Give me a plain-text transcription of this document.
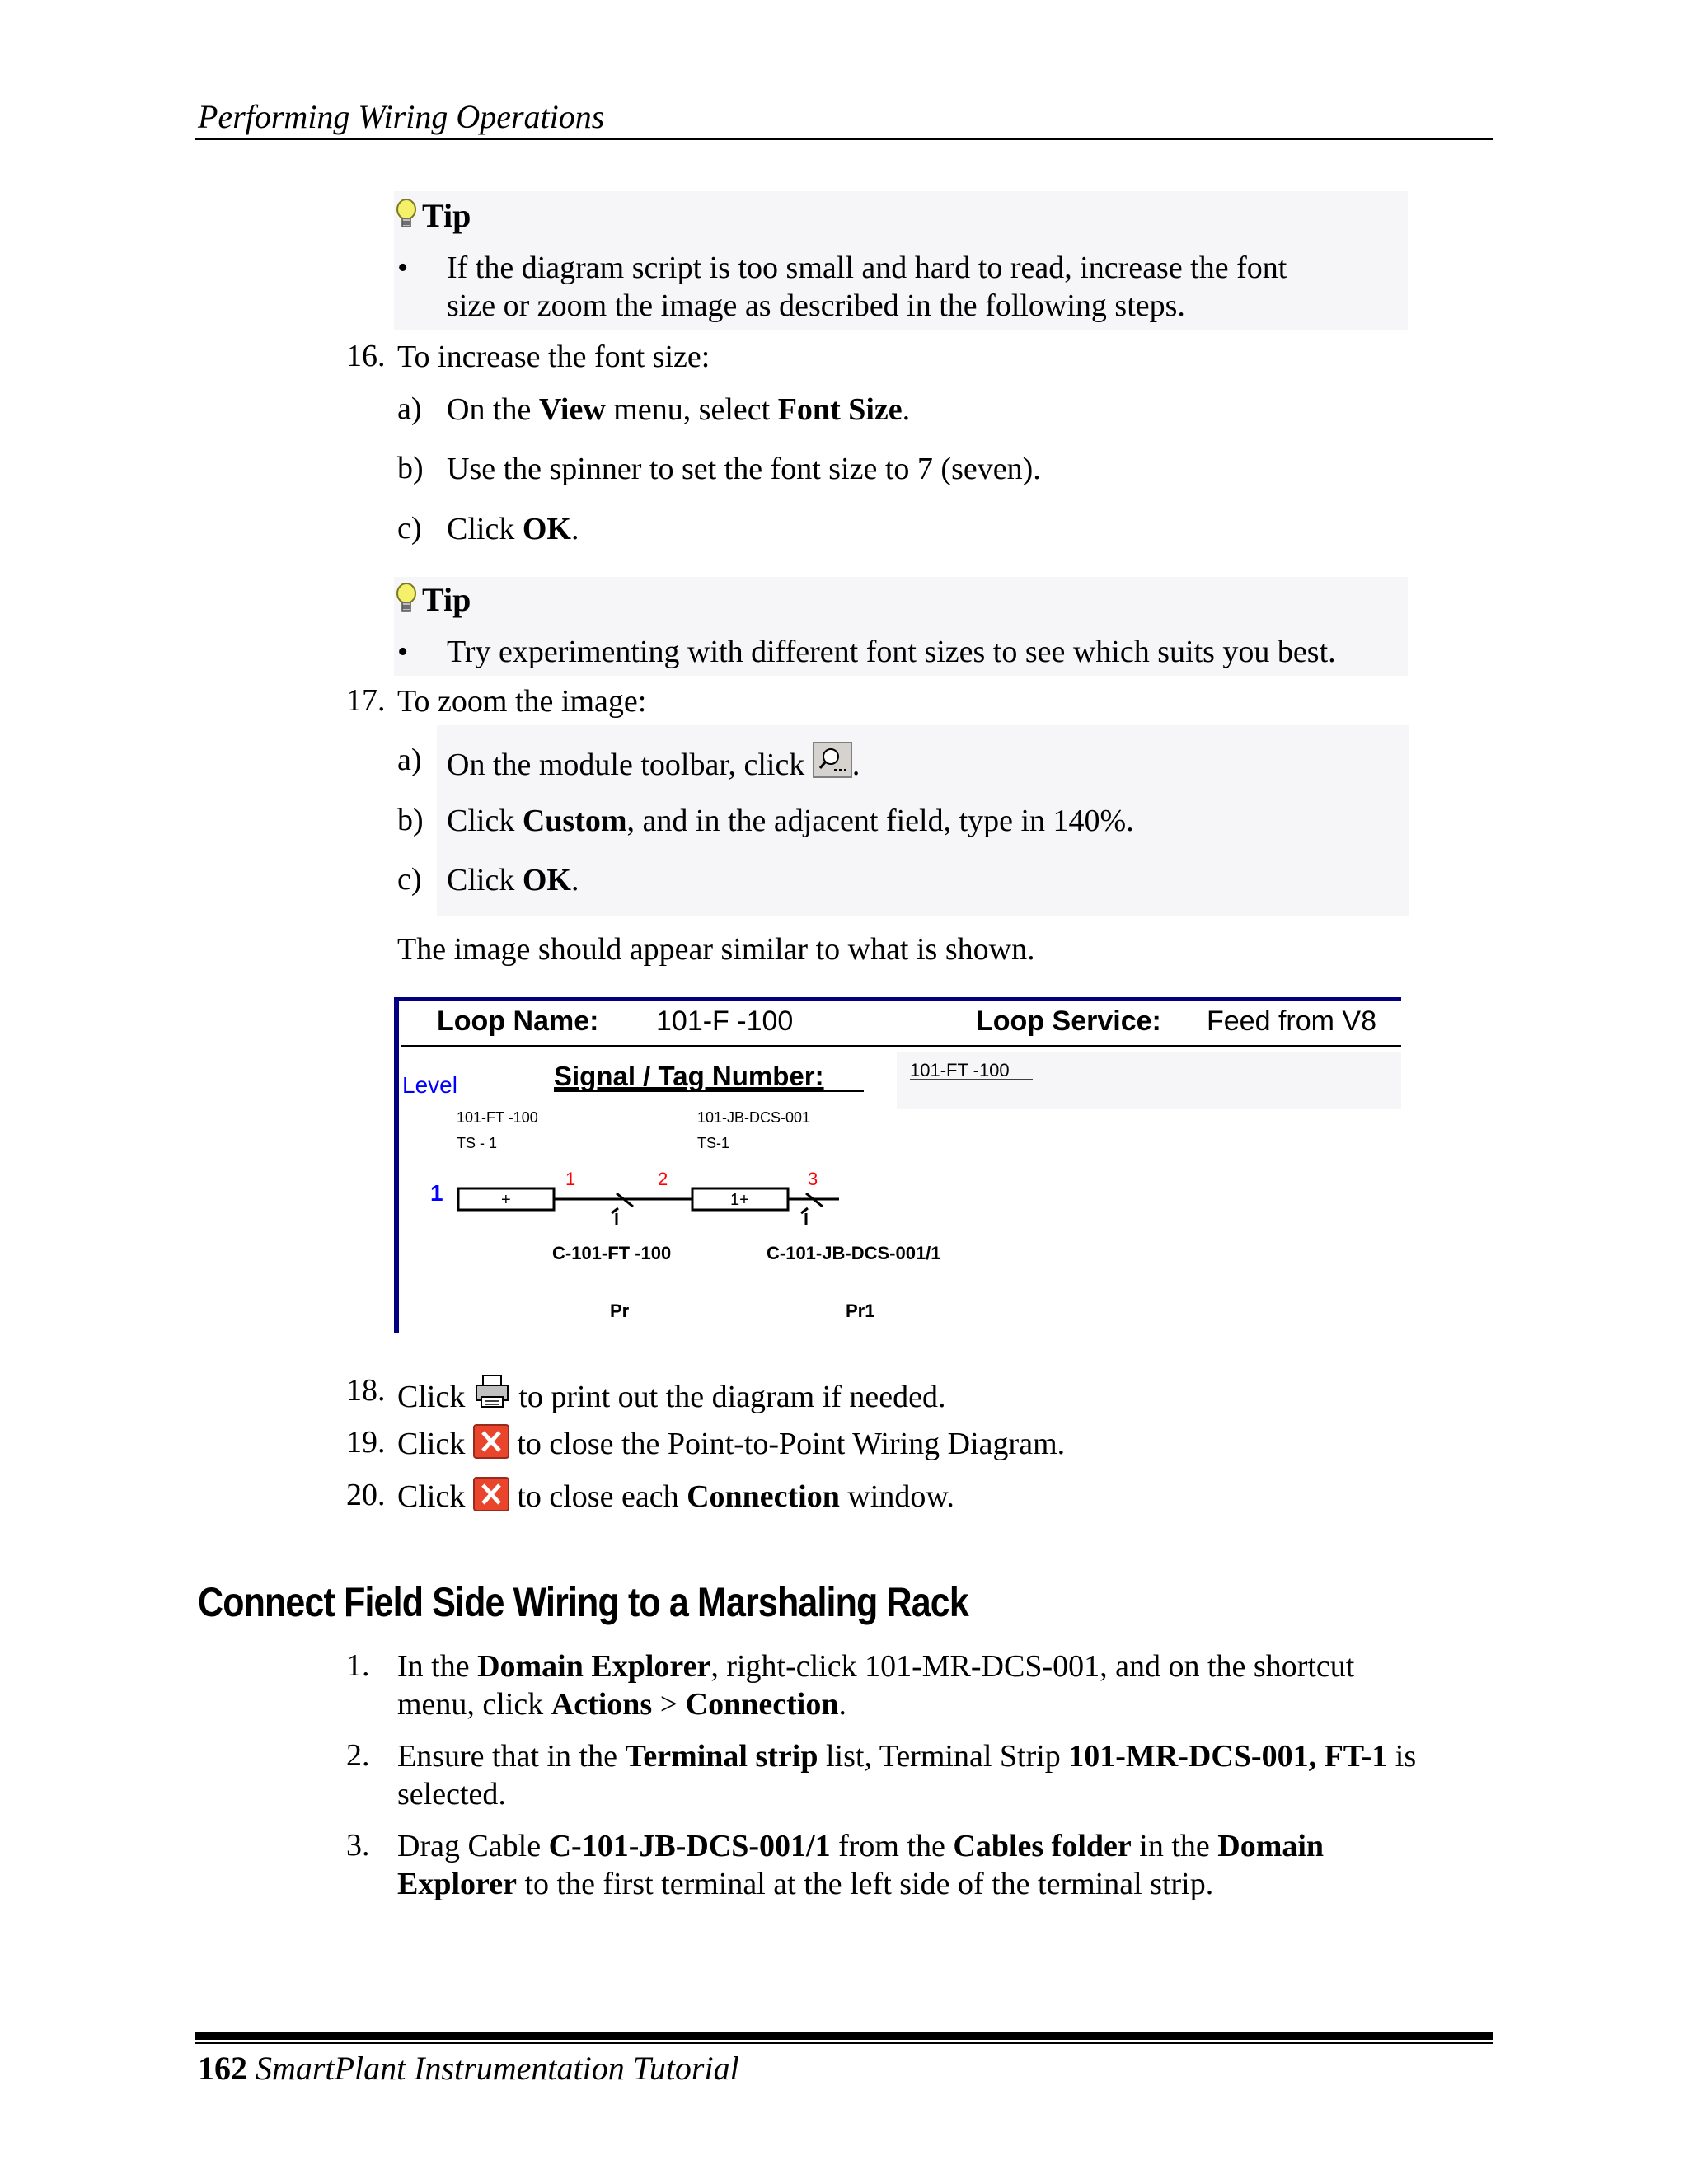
Performing Wiring Operations
Tip
• If the diagram script is too small and hard to read, increase the font
size or zoom the image as described in the following steps.
16. To increase the font size:
a) On the View menu, select Font Size.
b) Use the spinner to set the font size to 7 (seven).
c) Click OK.
Tip
• Try experimenting with different font sizes to see which suits you best.
17. To zoom the image:
a) On the module toolbar, click .
b) Click Custom, and in the adjacent field, type in 140%.
c) Click OK.
The image should appear similar to what is shown.
Loop Name: 101-F -100	Loop Service: Feed from V8
Level	Signal / Tag Number:	101-FT -100
101-FT -100
TS - 1
101-JB-DCS-001
TS-1
1	+	1+
1	2	3
C-101-FT -100	C-101-JB-DCS-001/1
Pr	Pr1
18. Click  to print out the diagram if needed.
19. Click  to close the Point-to-Point Wiring Diagram.
20. Click  to close each Connection window.
Connect Field Side Wiring to a Marshaling Rack
1. In the Domain Explorer, right-click 101-MR-DCS-001, and on the shortcut
menu, click Actions > Connection.
2. Ensure that in the Terminal strip list, Terminal Strip 101-MR-DCS-001, FT-1 is
selected.
3. Drag Cable C-101-JB-DCS-001/1 from the Cables folder in the Domain
Explorer to the first terminal at the left side of the terminal strip.
162 SmartPlant Instrumentation Tutorial
